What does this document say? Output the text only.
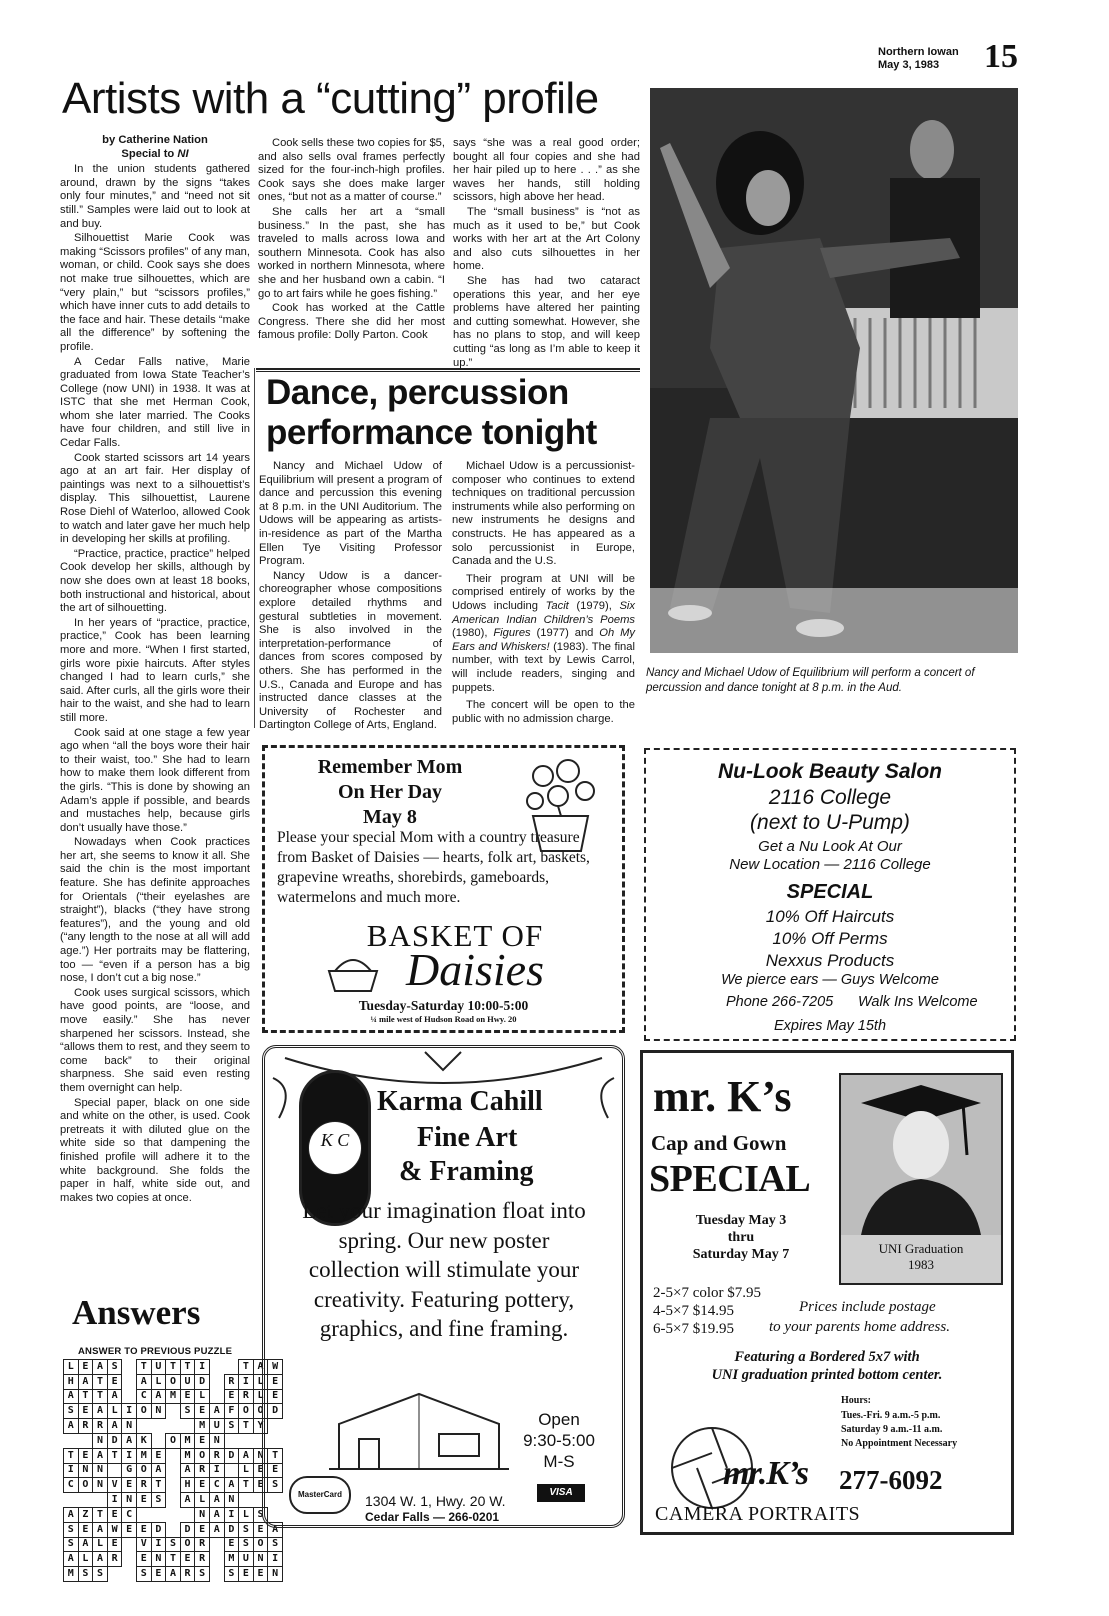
Northern Iowan
May 3, 1983 15
Artists with a “cutting” profile
by Catherine Nation
Special to NI

In the union students gathered around, drawn by the signs “takes only four minutes,” and “need not sit still.” Samples were laid out to look at and buy.

Silhouettist Marie Cook was making “Scissors profiles” of any man, woman, or child. Cook says she does not make true silhouettes, which are “very plain,” but “scissors profiles,” which have inner cuts to add details to the face and hair. These details “make all the difference” by softening the profile.

A Cedar Falls native, Marie graduated from Iowa State Teacher’s College (now UNI) in 1938. It was at ISTC that she met Herman Cook, whom she later married. The Cooks have four children, and still live in Cedar Falls.

Cook started scissors art 14 years ago at an art fair. Her display of paintings was next to a silhouettist’s display. This silhouettist, Laurene Rose Diehl of Waterloo, allowed Cook to watch and later gave her much help in developing her skills at profiling.

“Practice, practice, practice” helped Cook develop her skills, although by now she does own at least 18 books, both instructional and historical, about the art of silhouetting.

In her years of “practice, practice, practice,” Cook has been learning more and more. “When I first started, girls wore pixie haircuts. After styles changed I had to learn curls,” she said. After curls, all the girls wore their hair to the waist, and she had to learn still more.

Cook said at one stage a few year ago when “all the boys wore their hair to their waist, too.” She had to learn how to make them look different from the girls. “This is done by showing an Adam’s apple if possible, and beards and mustaches help, because girls don’t usually have those.”

Nowadays when Cook practices her art, she seems to know it all. She said the chin is the most important feature. She has definite approaches for Orientals (“their eyelashes are straight”), blacks (“they have strong features”), and the young and old (“any length to the nose at all will add age.”) Her portraits may be flattering, too — “even if a person has a big nose, I don’t cut a big nose.”

Cook uses surgical scissors, which have good points, are “loose, and move easily.” She has never sharpened her scissors. Instead, she “allows them to rest, and they seem to come back” to their original sharpness. She said even resting them overnight can help.

Special paper, black on one side and white on the other, is used. Cook pretreats it with diluted glue on the white side so that dampening the finished profile will adhere it to the white background. She folds the paper in half, white side out, and makes two copies at once.

Cook sells these two copies for $5, and also sells oval frames perfectly sized for the four-inch-high profiles. Cook says she does make larger ones, “but not as a matter of course.”

She calls her art a “small business.” In the past, she has traveled to malls across Iowa and southern Minnesota. Cook has also worked in northern Minnesota, where she and her husband own a cabin. “I go to art fairs while he goes fishing.”

Cook has worked at the Cattle Congress. There she did her most famous profile: Dolly Parton. Cook

says “she was a real good order; bought all four copies and she had her hair piled up to here . . .” as she waves her hands, still holding scissors, high above her head.

The “small business” is “not as much as it used to be,” but Cook works with her art at the Art Colony and also cuts silhouettes in her home.

She has had two cataract operations this year, and her eye problems have altered her painting and cutting somewhat. However, she has no plans to stop, and will keep cutting “as long as I’m able to keep it up.”

Dance, percussion
performance tonight

Nancy and Michael Udow of Equilibrium will present a program of dance and percussion this evening at 8 p.m. in the UNI Auditorium. The Udows will be appearing as artists-in-residence as part of the Martha Ellen Tye Visiting Professor Program.

Nancy Udow is a dancer-choreographer whose compositions explore detailed rhythms and gestural subtleties in movement. She is also involved in the interpretation-performance of dances from scores composed by others. She has performed in the U.S., Canada and Europe and has instructed dance classes at the University of Rochester and Dartington College of Arts, England.

Michael Udow is a percussionist-composer who continues to extend techniques on traditional percussion instruments while also performing on new instruments he designs and constructs. He has appeared as a solo percussionist in Europe, Canada and the U.S.

Their program at UNI will be comprised entirely of works by the Udows including Tacit (1979), Six American Indian Children’s Poems (1980), Figures (1977) and Oh My Ears and Whiskers! (1983). The final number, with text by Lewis Carrol, will include readers, singing and puppets.

The concert will be open to the public with no admission charge.

Nancy and Michael Udow of Equilibrium will perform a concert of percussion and dance tonight at 8 p.m. in the Aud.
Answers
ANSWER TO PREVIOUS PUZZLE
L	E	A	S		T	U	T	T	I			T	A	W
H	A	T	E		A	L	O	U	D		R	I	L	E
A	T	T	A		C	A	M	E	L		E	R	L	E
S	E	A	L	I	O	N		S	E	A	F	O	O	D
A	R	R	A	N					M	U	S	T	Y	
		N	D	A	K		O	M	E	N				
T	E	A	T	I	M	E		M	O	R	D	A	N	T
I	N	N		G	O	A		A	R	I		L	E	E
C	O	N	V	E	R	T		H	E	C	A	T	E	S
			I	N	E	S		A	L	A	N			
A	Z	T	E	C					N	A	I	L	S	
S	E	A	W	E	E	D		D	E	A	D	S	E	A
S	A	L	E		V	I	S	O	R		E	S	O	S
A	L	A	R		E	N	T	E	R		M	U	N	I
M	S	S			S	E	A	R	S		S	E	E	N
Remember Mom
On Her Day
May 8
Please your special Mom with a country treasure from Basket of Daisies — hearts, folk art, baskets, grapevine wreaths, shorebirds, gameboards, watermelons and much more.
BASKET OF
Daisies
Tuesday-Saturday 10:00-5:00
¼ mile west of Hudson Road on Hwy. 20
Nu-Look Beauty Salon
2116 College
(next to U-Pump)
Get a Nu Look At Our
New Location — 2116 College
SPECIAL
10% Off Haircuts
10% Off Perms
Nexxus Products
We pierce ears — Guys Welcome
Phone 266-7205 Walk Ins Welcome
Expires May 15th
K C
Karma Cahill
Fine Art
& Framing
Let your imagination float into spring. Our new poster collection will stimulate your creativity. Featuring pottery, graphics, and fine framing.
Open
9:30-5:00
M-S
MasterCard	VISA
1304 W. 1, Hwy. 20 W.
Cedar Falls — 266-0201
mr. K’s
Cap and Gown
SPECIAL
Tuesday May 3
thru
Saturday May 7	UNI Graduation
1983
2-5×7 color $7.95
4-5×7 $14.95
6-5×7 $19.95
Prices include postage
to your parents home address.
Featuring a Bordered 5x7 with
UNI graduation printed bottom center.
Hours:
Tues.-Fri. 9 a.m.-5 p.m.
Saturday 9 a.m.-11 a.m.
No Appointment Necessary
mr.K’s 277-6092
CAMERA PORTRAITS
